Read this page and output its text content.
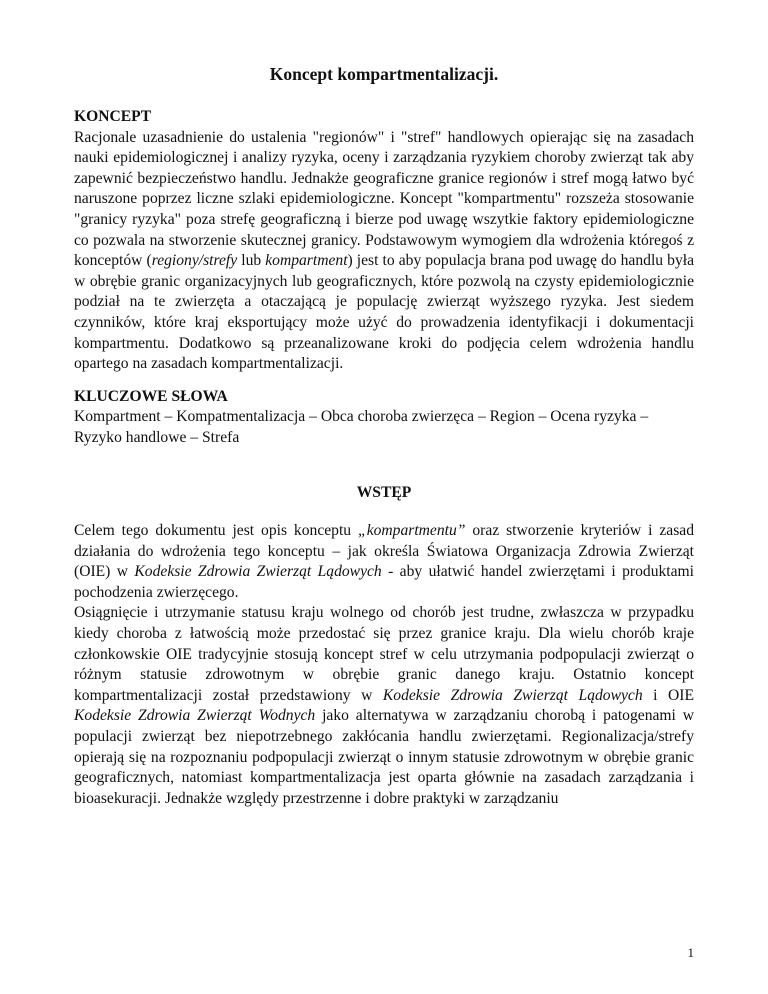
Koncept kompartmentalizacji.
KONCEPT
Racjonale uzasadnienie do ustalenia "regionów" i "stref" handlowych opierając się na zasadach nauki epidemiologicznej i analizy ryzyka, oceny i zarządzania ryzykiem choroby zwierząt tak aby zapewnić bezpieczeństwo handlu. Jednakże geograficzne granice regionów i stref mogą łatwo być naruszone poprzez liczne szlaki epidemiologiczne. Koncept "kompartmentu" rozszeża stosowanie "granicy ryzyka" poza strefę geograficzną i bierze pod uwagę wszytkie faktory epidemiologiczne co pozwala na stworzenie skutecznej granicy. Podstawowym wymogiem dla wdrożenia któregoś z konceptów (regiony/strefy lub kompartment) jest to aby populacja brana pod uwagę do handlu była w obrębie granic organizacyjnych lub geograficznych, które pozwolą na czysty epidemiologicznie podział na te zwierzęta a otaczającą je populację zwierząt wyższego ryzyka. Jest siedem czynników, które kraj eksportujący może użyć do prowadzenia identyfikacji i dokumentacji kompartmentu. Dodatkowo są przeanalizowane kroki do podjęcia celem wdrożenia handlu opartego na zasadach kompartmentalizacji.
KLUCZOWE SŁOWA
Kompartment – Kompatmentalizacja – Obca choroba zwierzęca – Region – Ocena ryzyka – Ryzyko handlowe – Strefa
WSTĘP
Celem tego dokumentu jest opis konceptu „kompartmentu” oraz stworzenie kryteriów i zasad działania do wdrożenia tego konceptu – jak określa Światowa Organizacja Zdrowia Zwierząt (OIE) w Kodeksie Zdrowia Zwierząt Lądowych - aby ułatwić handel zwierzętami i produktami pochodzenia zwierzęcego.
Osiągnięcie i utrzymanie statusu kraju wolnego od chorób jest trudne, zwłaszcza w przypadku kiedy choroba z łatwością może przedostać się przez granice kraju. Dla wielu chorób kraje członkowskie OIE tradycyjnie stosują koncept stref w celu utrzymania podpopulacji zwierząt o różnym statusie zdrowotnym w obrębie granic danego kraju. Ostatnio koncept kompartmentalizacji został przedstawiony w Kodeksie Zdrowia Zwierząt Lądowych i OIE Kodeksie Zdrowia Zwierząt Wodnych jako alternatywa w zarządzaniu chorobą i patogenami w populacji zwierząt bez niepotrzebnego zakłócania handlu zwierzętami. Regionalizacja/strefy opierają się na rozpoznaniu podpopulacji zwierząt o innym statusie zdrowotnym w obrębie granic geograficznych, natomiast kompartmentalizacja jest oparta głównie na zasadach zarządzania i bioasekuracji. Jednakże względy przestrzenne i dobre praktyki w zarządzaniu
1
